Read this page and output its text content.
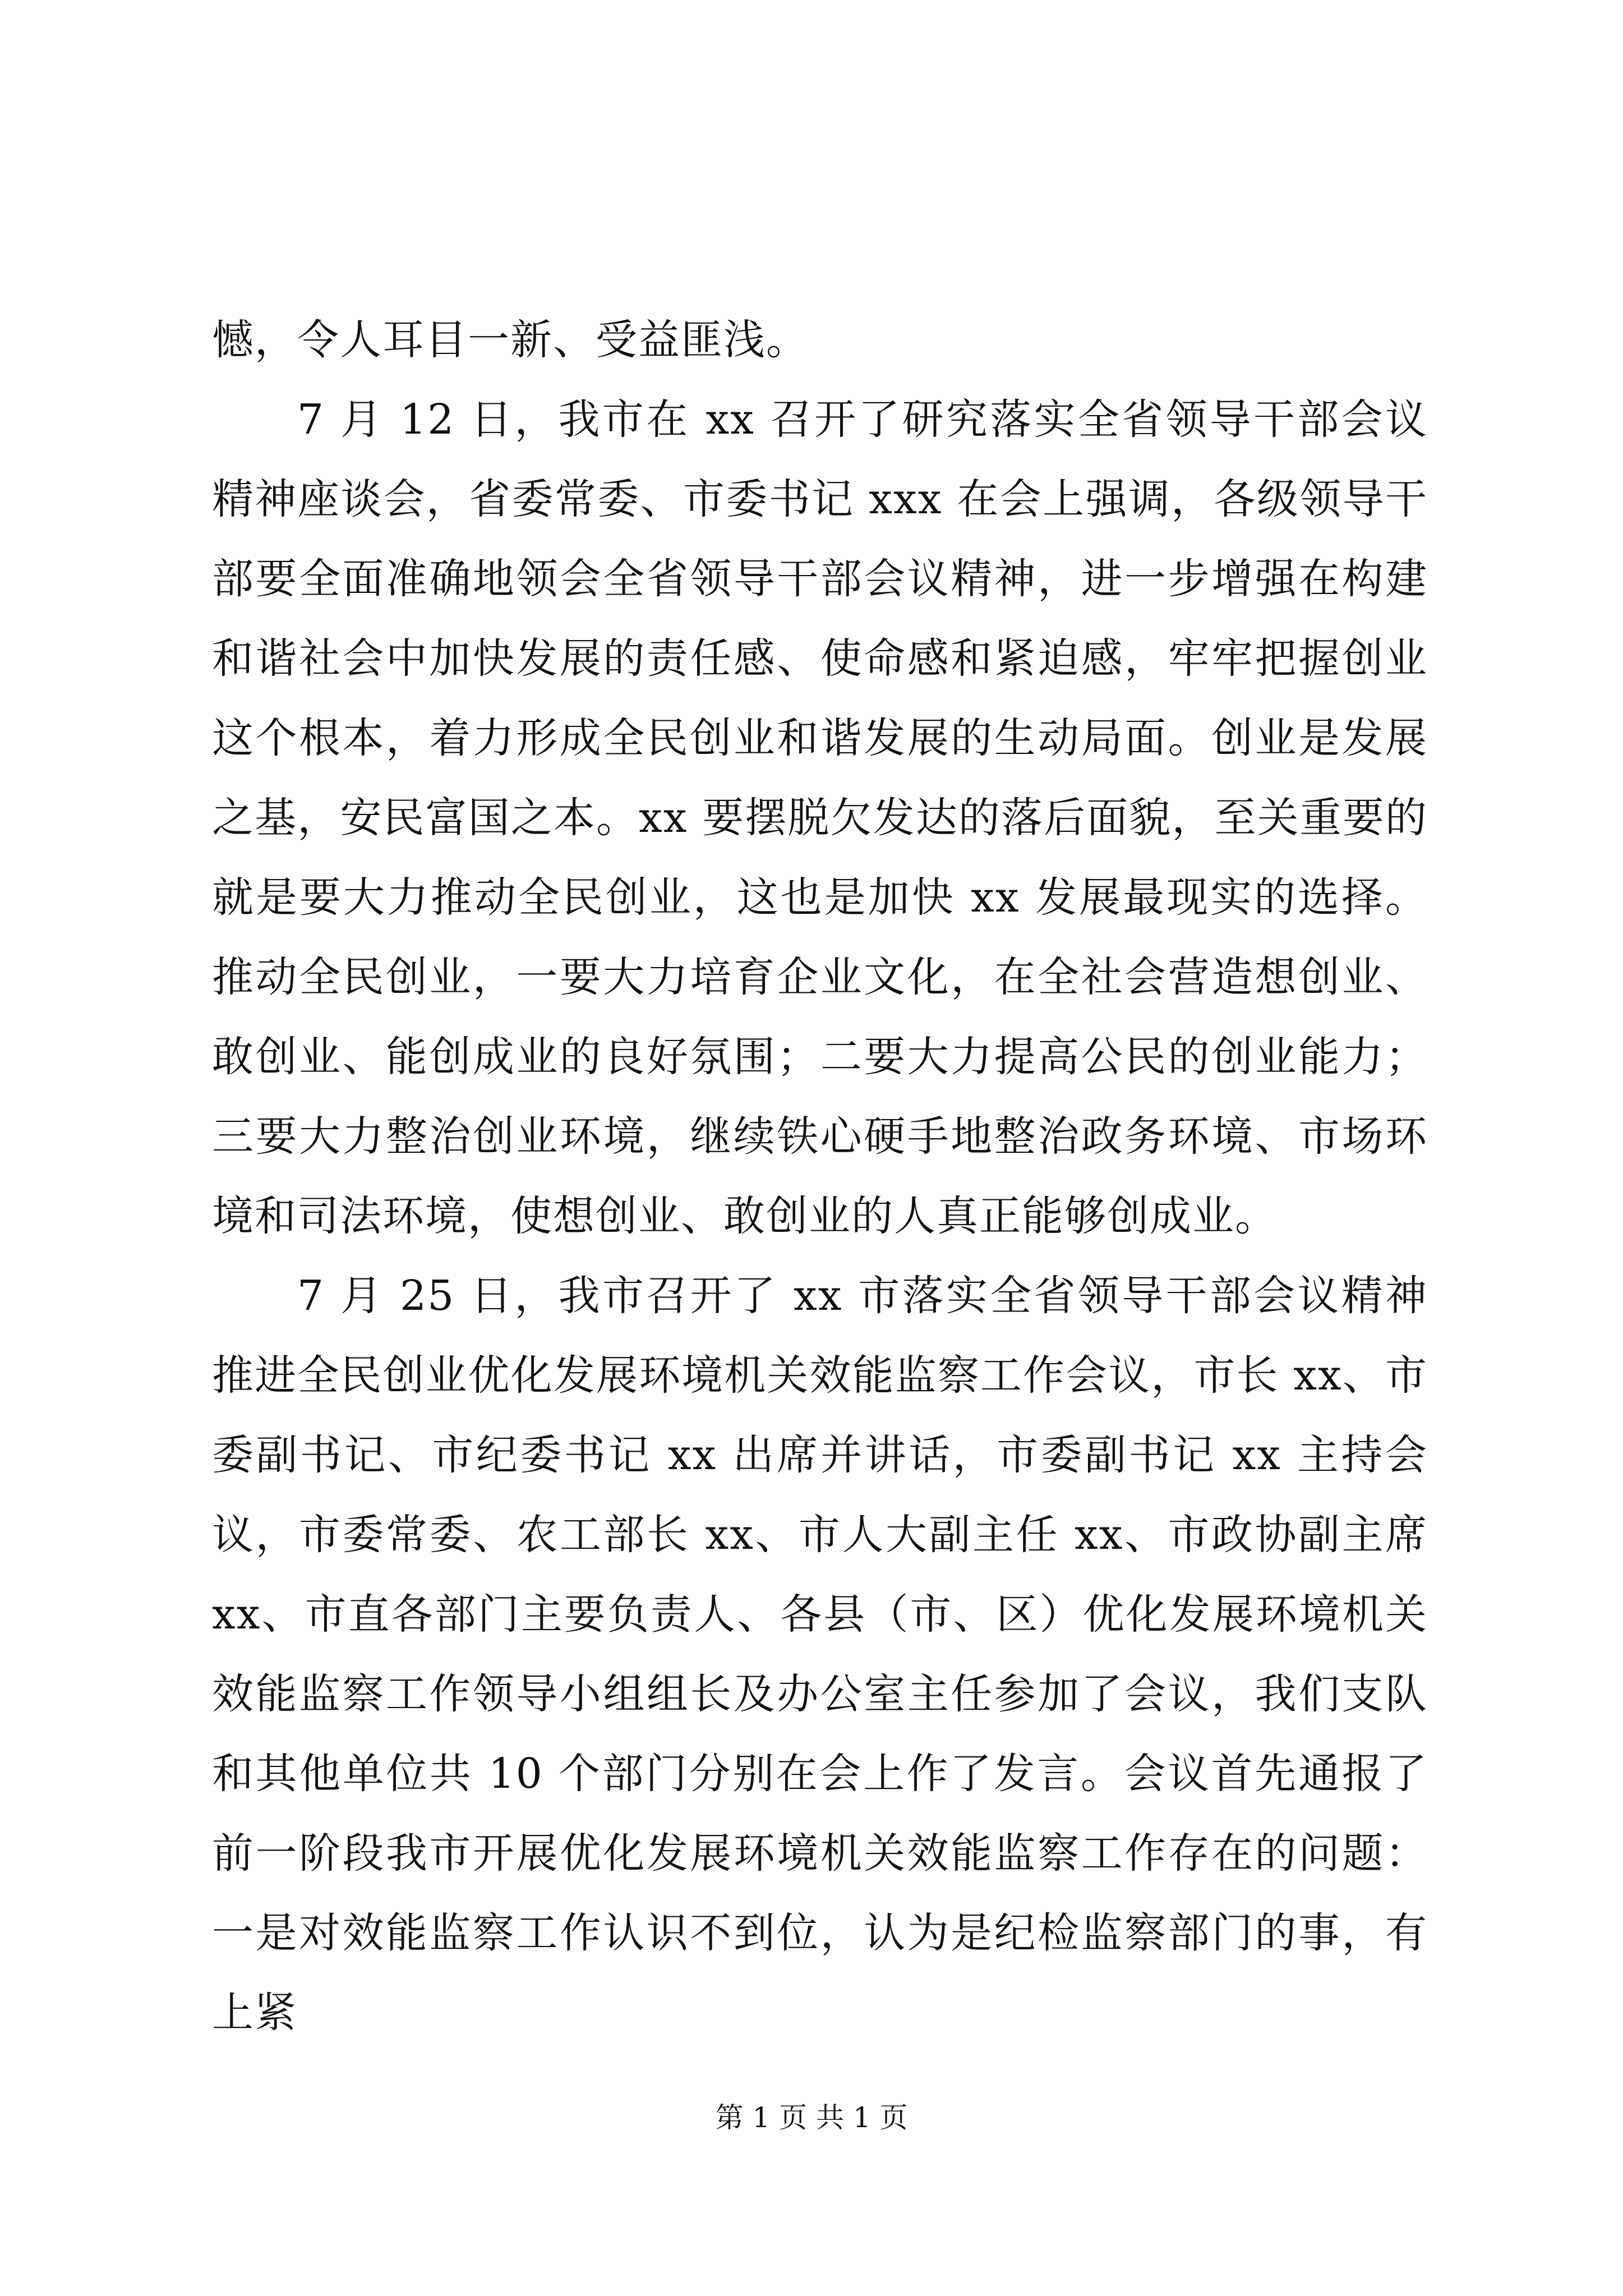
憾，令人耳目一新、受益匪浅。

7 月 12 日，我市在 xx 召开了研究落实全省领导干部会议精神座谈会，省委常委、市委书记 xxx 在会上强调，各级领导干部要全面准确地领会全省领导干部会议精神，进一步增强在构建和谐社会中加快发展的责任感、使命感和紧迫感，牢牢把握创业这个根本，着力形成全民创业和谐发展的生动局面。创业是发展之基，安民富国之本。xx 要摆脱欠发达的落后面貌，至关重要的就是要大力推动全民创业，这也是加快 xx 发展最现实的选择。推动全民创业，一要大力培育企业文化，在全社会营造想创业、敢创业、能创成业的良好氛围；二要大力提高公民的创业能力；三要大力整治创业环境，继续铁心硬手地整治政务环境、市场环境和司法环境，使想创业、敢创业的人真正能够创成业。

7 月 25 日，我市召开了 xx 市落实全省领导干部会议精神推进全民创业优化发展环境机关效能监察工作会议，市长 xx、市委副书记、市纪委书记 xx 出席并讲话，市委副书记 xx 主持会议，市委常委、农工部长 xx、市人大副主任 xx、市政协副主席 xx、市直各部门主要负责人、各县（市、区）优化发展环境机关效能监察工作领导小组组长及办公室主任参加了会议，我们支队和其他单位共 10 个部门分别在会上作了发言。会议首先通报了前一阶段我市开展优化发展环境机关效能监察工作存在的问题：一是对效能监察工作认识不到位，认为是纪检监察部门的事，有上紧

第 1 页 共 1 页
